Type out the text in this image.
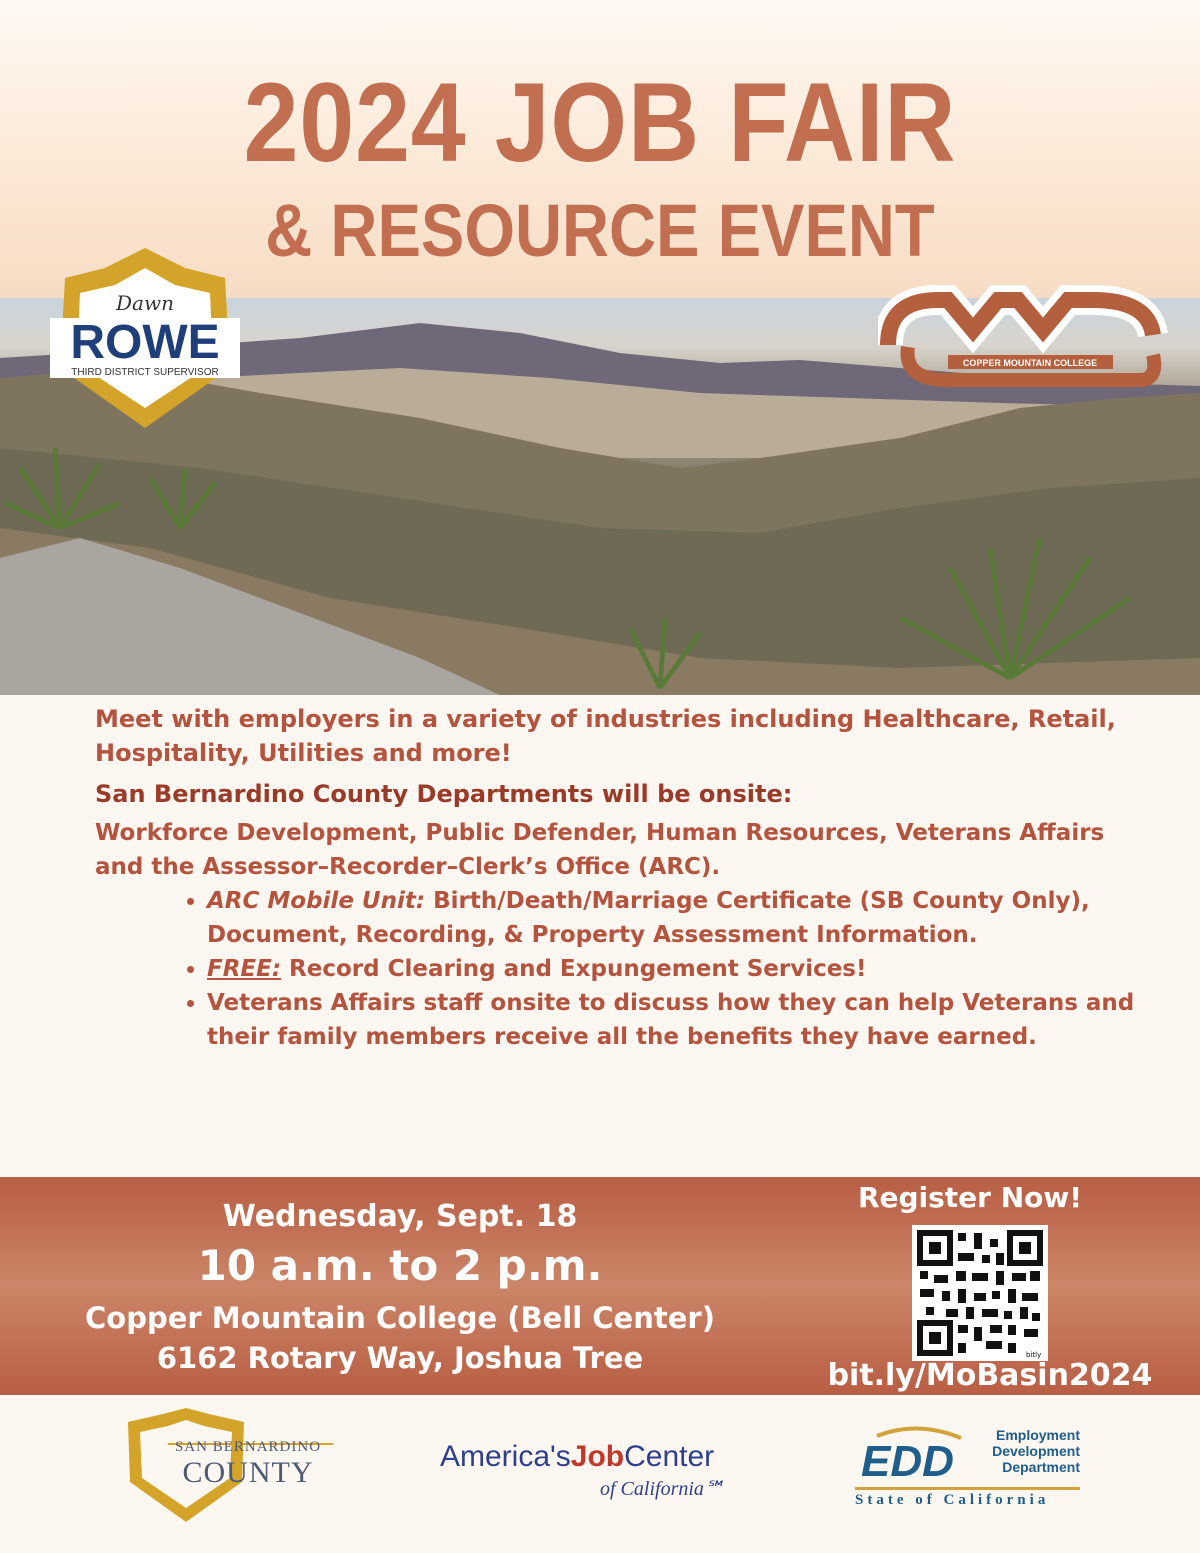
2024 JOB FAIR
& RESOURCE EVENT
Dawn
ROWE
THIRD DISTRICT SUPERVISOR
COPPER MOUNTAIN COLLEGE

Meet with employers in a variety of industries including Healthcare, Retail, Hospitality, Utilities and more!

San Bernardino County Departments will be onsite:

Workforce Development, Public Defender, Human Resources, Veterans Affairs and the Assessor–Recorder–Clerk’s Office (ARC).

• ARC Mobile Unit: Birth/Death/Marriage Certificate (SB County Only), Document, Recording, & Property Assessment Information.
• FREE: Record Clearing and Expungement Services!
• Veterans Affairs staff onsite to discuss how they can help Veterans and their family members receive all the benefits they have earned.
Wednesday, Sept. 18
10 a.m. to 2 p.m.
Copper Mountain College (Bell Center)
6162 Rotary Way, Joshua Tree
Register Now!
bitly
bit.ly/MoBasin2024
SAN BERNARDINO
COUNTY	America'sJobCenter
of California℠
EDD
Employment
Development
Department
State of California
